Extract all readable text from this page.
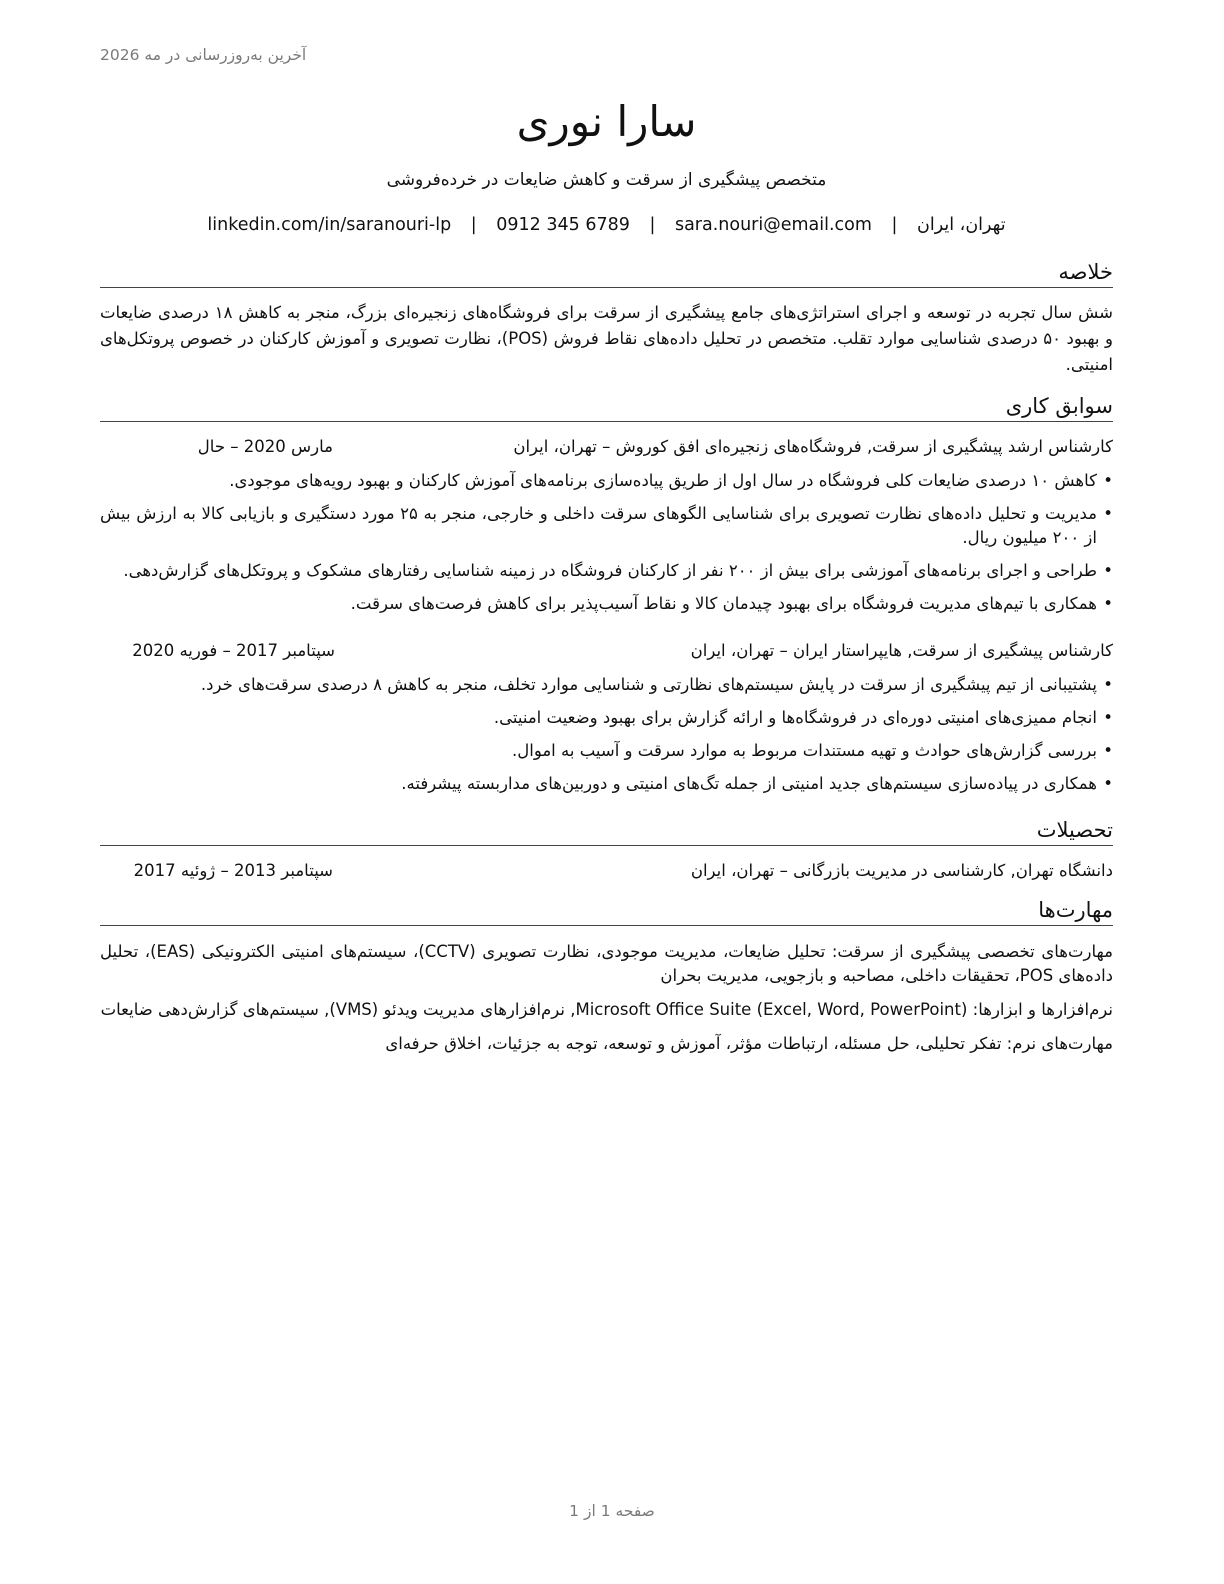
آخرین به‌روزرسانی در مه 2026
سارا نوری
متخصص پیشگیری از سرقت و کاهش ضایعات در خرده‌فروشی
تهران، ایران | sara.nouri@email.com | 0912 345 6789 | linkedin.com/in/saranouri-lp
خلاصه

شش سال تجربه در توسعه و اجرای استراتژی‌های جامع پیشگیری از سرقت برای فروشگاه‌های زنجیره‌ای بزرگ، منجر به کاهش ۱۸ درصدی ضایعات و بهبود ۵۰ درصدی شناسایی موارد تقلب. متخصص در تحلیل داده‌های نقاط فروش (POS)، نظارت تصویری و آموزش کارکنان در خصوص پروتکل‌های امنیتی.

سوابق کاری
کارشناس ارشد پیشگیری از سرقت, فروشگاه‌های زنجیره‌ای افق کوروش – تهران، ایران
مارس 2020 – حال
•
کاهش ۱۰ درصدی ضایعات کلی فروشگاه در سال اول از طریق پیاده‌سازی برنامه‌های آموزش کارکنان و بهبود رویه‌های موجودی.
•
مدیریت و تحلیل داده‌های نظارت تصویری برای شناسایی الگوهای سرقت داخلی و خارجی، منجر به ۲۵ مورد دستگیری و بازیابی کالا به ارزش بیش از ۲۰۰ میلیون ریال.
•
طراحی و اجرای برنامه‌های آموزشی برای بیش از ۲۰۰ نفر از کارکنان فروشگاه در زمینه شناسایی رفتارهای مشکوک و پروتکل‌های گزارش‌دهی.
•
همکاری با تیم‌های مدیریت فروشگاه برای بهبود چیدمان کالا و نقاط آسیب‌پذیر برای کاهش فرصت‌های سرقت.
کارشناس پیشگیری از سرقت, هایپراستار ایران – تهران، ایران
سپتامبر 2017 – فوریه 2020
•
پشتیبانی از تیم پیشگیری از سرقت در پایش سیستم‌های نظارتی و شناسایی موارد تخلف، منجر به کاهش ۸ درصدی سرقت‌های خرد.
•
انجام ممیزی‌های امنیتی دوره‌ای در فروشگاه‌ها و ارائه گزارش برای بهبود وضعیت امنیتی.
•
بررسی گزارش‌های حوادث و تهیه مستندات مربوط به موارد سرقت و آسیب به اموال.
•
همکاری در پیاده‌سازی سیستم‌های جدید امنیتی از جمله تگ‌های امنیتی و دوربین‌های مداربسته پیشرفته.
تحصیلات
دانشگاه تهران, کارشناسی در مدیریت بازرگانی – تهران، ایران
سپتامبر 2013 – ژوئیه 2017
مهارت‌ها

مهارت‌های تخصصی پیشگیری از سرقت: تحلیل ضایعات، مدیریت موجودی، نظارت تصویری (CCTV)، سیستم‌های امنیتی الکترونیکی (EAS)، تحلیل داده‌های POS، تحقیقات داخلی، مصاحبه و بازجویی، مدیریت بحران

نرم‌افزارها و ابزارها: Microsoft Office Suite (Excel, Word, PowerPoint), نرم‌افزارهای مدیریت ویدئو (VMS), سیستم‌های گزارش‌دهی ضایعات

مهارت‌های نرم: تفکر تحلیلی، حل مسئله، ارتباطات مؤثر، آموزش و توسعه، توجه به جزئیات، اخلاق حرفه‌ای

صفحه 1 از 1
